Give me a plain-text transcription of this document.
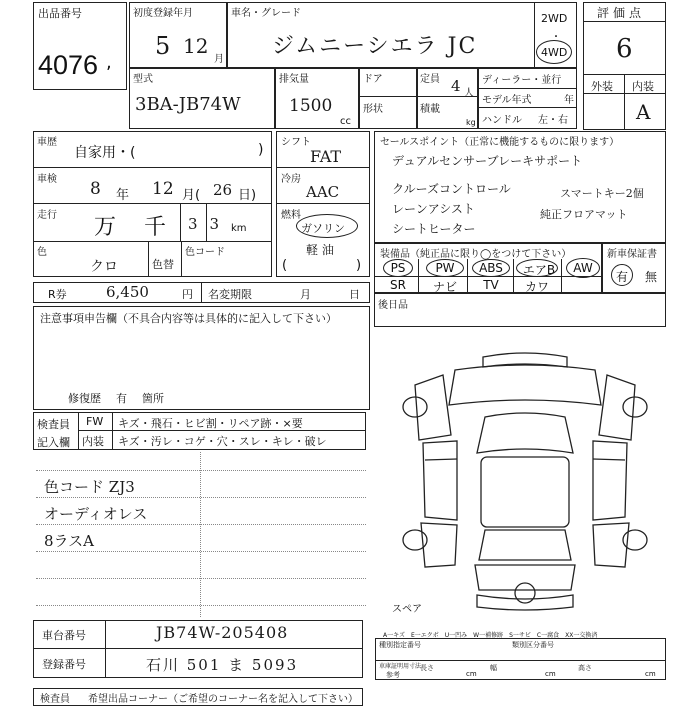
出品番号
4076 ,
初度登録年月
5 12
月
車名・グレード
ジムニーシエラ JC
2WD
・
4WD
評価点
6
外装 内装
A
型式
3BA-JB74W
排気量
1500
cc
ドア
形状
定員 4 人
積載
kg
ディーラー・並行
モデル年式	年
ハンドル 左・右
車歴
自家用・(	)
車検 8 年 12 月( 26 日)
走行 万 千 33 km
色
クロ	色替
色コード
シフト
FAT
冷房
AAC
燃料
ガソリン
軽 油
(	)
セールスポイント（正常に機能するものに限ります）
デュアルセンサーブレーキサポート
クルーズコントロール	スマートキー2個
レーンアシスト	純正フロアマット
シートヒーター
装備品（純正品に限り◯をつけて下さい）
PS	PW	ABS	エアB	AW
SR	ナビ	TV	カワ
新車保証書
有 無
R券	6,450	円 名変期限	月	日
後日品
注意事項申告欄（不具合内容等は具体的に記入して下さい）
修復歴 有 箇所
検査員
記入欄
FW キズ・飛石・ヒビ割・リペア跡・×要
内装 キズ・汚レ・コゲ・穴・スレ・キレ・破レ
色コード ZJ3
オーディオレス
8ラスA
スペア
車台番号	JB74W-205408
登録番号	石川 501 ま 5093
A一キズ　E一エクボ　U一凹み　W一補修跡　S一サビ　C一腐食　XX一交換済
種別指定番号	類別区分番号
車庫証明用寸法
参考
長さ
cm
幅
cm
高さ
cm
検査員 希望出品コーナー（ご希望のコーナー名を記入して下さい）
